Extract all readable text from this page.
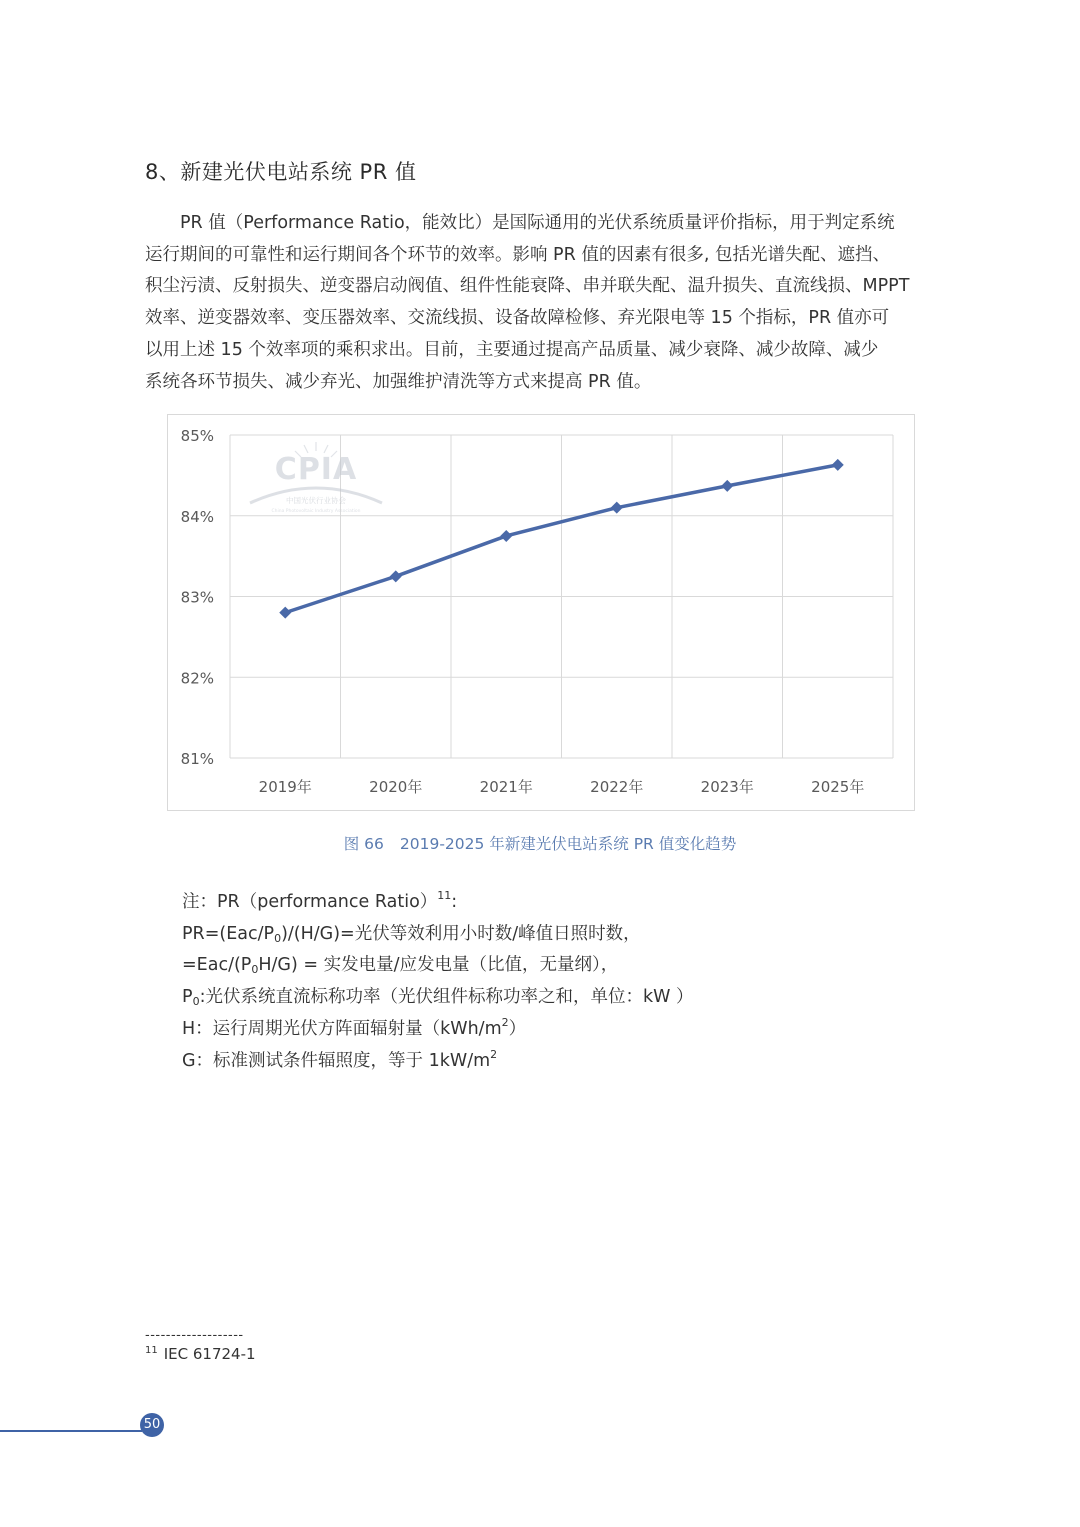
8、新建光伏电站系统 PR 值
PR 值（Performance Ratio，能效比）是国际通用的光伏系统质量评价指标，用于判定系统
运行期间的可靠性和运行期间各个环节的效率。影响 PR 值的因素有很多, 包括光谱失配、遮挡、
积尘污渍、反射损失、逆变器启动阀值、组件性能衰降、串并联失配、温升损失、直流线损、MPPT
效率、逆变器效率、变压器效率、交流线损、设备故障检修、弃光限电等 15 个指标，PR 值亦可
以用上述 15 个效率项的乘积求出。目前，主要通过提高产品质量、减少衰降、减少故障、减少
系统各环节损失、减少弃光、加强维护清洗等方式来提高 PR 值。
CPIA
中国光伏行业协会
China Photovoltaic Industry Association
81%
82%
83%
84%
85%
2019年	2020年	2021年	2022年	2023年	2025年
图 66 2019-2025 年新建光伏电站系统 PR 值变化趋势
注：PR（performance Ratio）$^{11}$:
$PR=(Eac/P_0)/(H/G)=$光伏等效利用小时数/峰值日照时数，
$=Eac/(P_0H/G)$ = 实发电量/应发电量（比值，无量纲），
$P_0$:光伏系统直流标称功率（光伏组件标称功率之和，单位：kW ）
H：运行周期光伏方阵面辐射量$(kWh/m^2)$
G：标准测试条件辐照度，等于 $1kW/m^2$
-------------------
$^{11}$ IEC 61724-1
50
